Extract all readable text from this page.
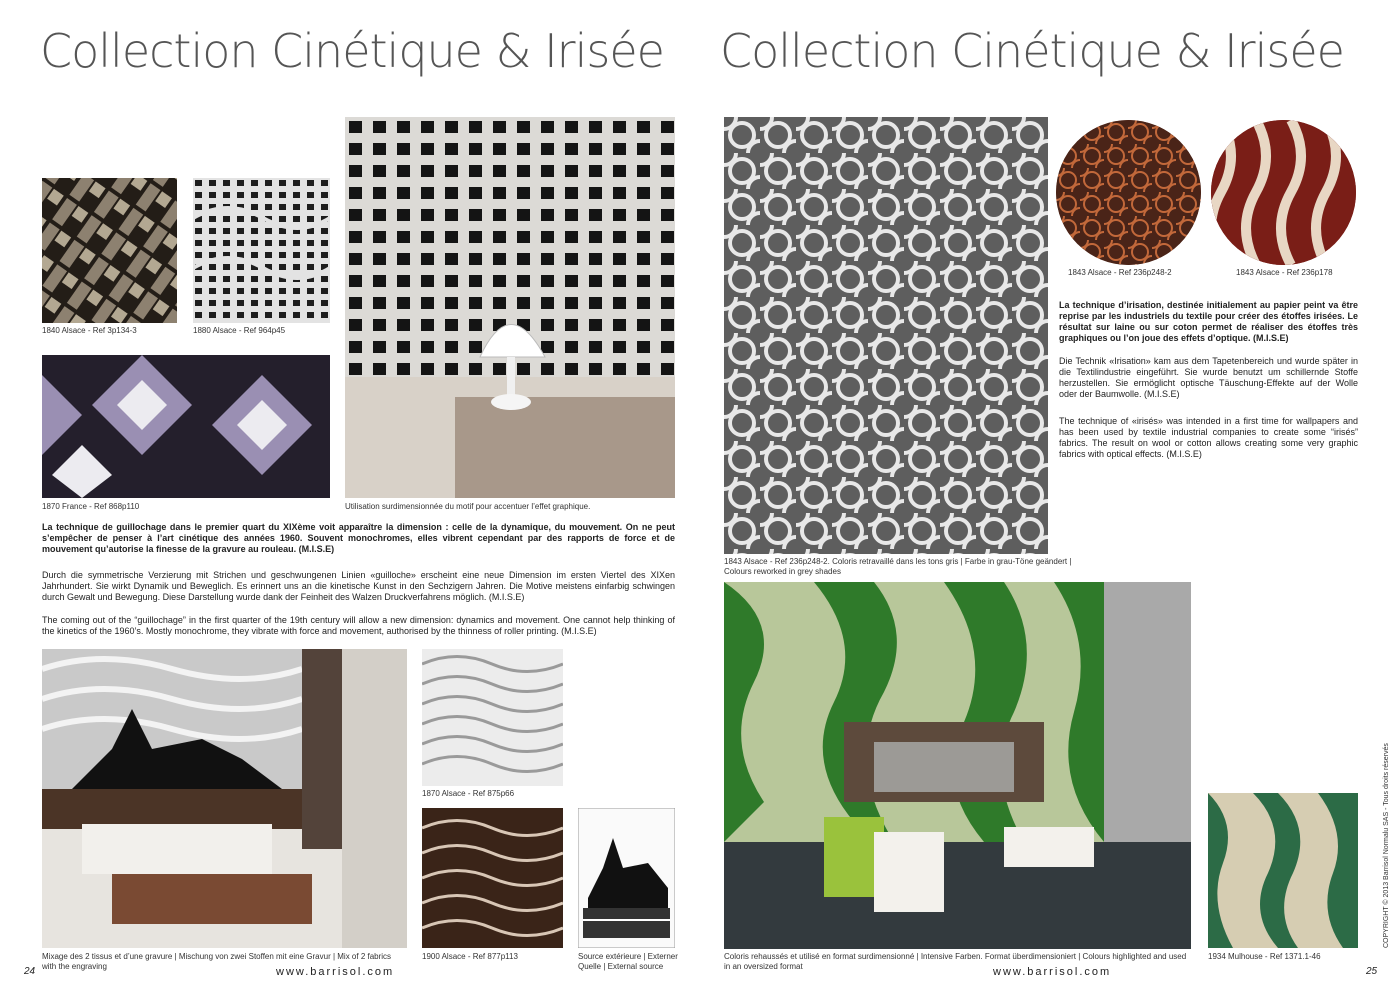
Collection Cinétique & Irisée
1840 Alsace - Ref 3p134-3	1880 Alsace - Ref 964p45
1870 France - Ref 868p110	Utilisation surdimensionnée du motif pour accentuer l’effet graphique.
La technique de guillochage dans le premier quart du XIXème voit apparaître la dimension : celle de la dynamique, du mouvement. On ne peut s’empêcher de penser à l’art cinétique des années 1960. Souvent monochromes, elles vibrent cependant par des rapports de force et de mouvement qu’autorise la finesse de la gravure au rouleau. (M.I.S.E)
Durch die symmetrische Verzierung mit Strichen und geschwungenen Linien «guilloche» erscheint eine neue Dimension im ersten Viertel des XIXen Jahrhundert. Sie wirkt Dynamik und Beweglich. Es erinnert uns an die kinetische Kunst in den Sechzigern Jahren. Die Motive meistens einfarbig schwingen durch Gewalt und Bewegung. Diese Darstellung wurde dank der Feinheit des Walzen Druckverfahrens möglich. (M.I.S.E)
The coming out of the “guillochage” in the first quarter of the 19th century will allow a new dimension: dynamics and movement. One cannot help thinking of the kinetics of the 1960’s. Mostly monochrome, they vibrate with force and movement, authorised by the thinness of roller printing. (M.I.S.E)
Mixage des 2 tissus et d’une gravure | Mischung von zwei Stoffen mit eine Gravur | Mix of 2 fabrics with the engraving
1870 Alsace - Ref 875p66
1900 Alsace - Ref 877p113	Source extérieure | Externer Quelle | External source
24	www.barrisol.com
Collection Cinétique & Irisée
1843 Alsace - Ref 236p248-2. Coloris retravaillé dans les tons gris | Farbe in grau-Töne geändert | Colours reworked in grey shades
1843 Alsace - Ref 236p248-2	1843 Alsace - Ref 236p178
La technique d’irisation, destinée initialement au papier peint va être reprise par les industriels du textile pour créer des étoffes irisées. Le résultat sur laine ou sur coton permet de réaliser des étoffes très graphiques ou l’on joue des effets d’optique. (M.I.S.E)
Die Technik «Irisation» kam aus dem Tapetenbereich und wurde später in die Textilindustrie eingeführt. Sie wurde benutzt um schillernde Stoffe herzustellen. Sie ermöglicht optische Täuschung-Effekte auf der Wolle oder der Baumwolle. (M.I.S.E)
The technique of «irisés» was intended in a first time for wallpapers and has been used by textile industrial companies to create some “irisés” fabrics. The result on wool or cotton allows creating some very graphic fabrics with optical effects. (M.I.S.E)
Coloris rehaussés et utilisé en format surdimensionné | Intensive Farben. Format überdimensioniert | Colours highlighted and used in an oversized format
1934 Mulhouse - Ref 1371.1-46
COPYRIGHT © 2013 Barrisol Normalu SAS - Tous droits réservés
www.barrisol.com	25
